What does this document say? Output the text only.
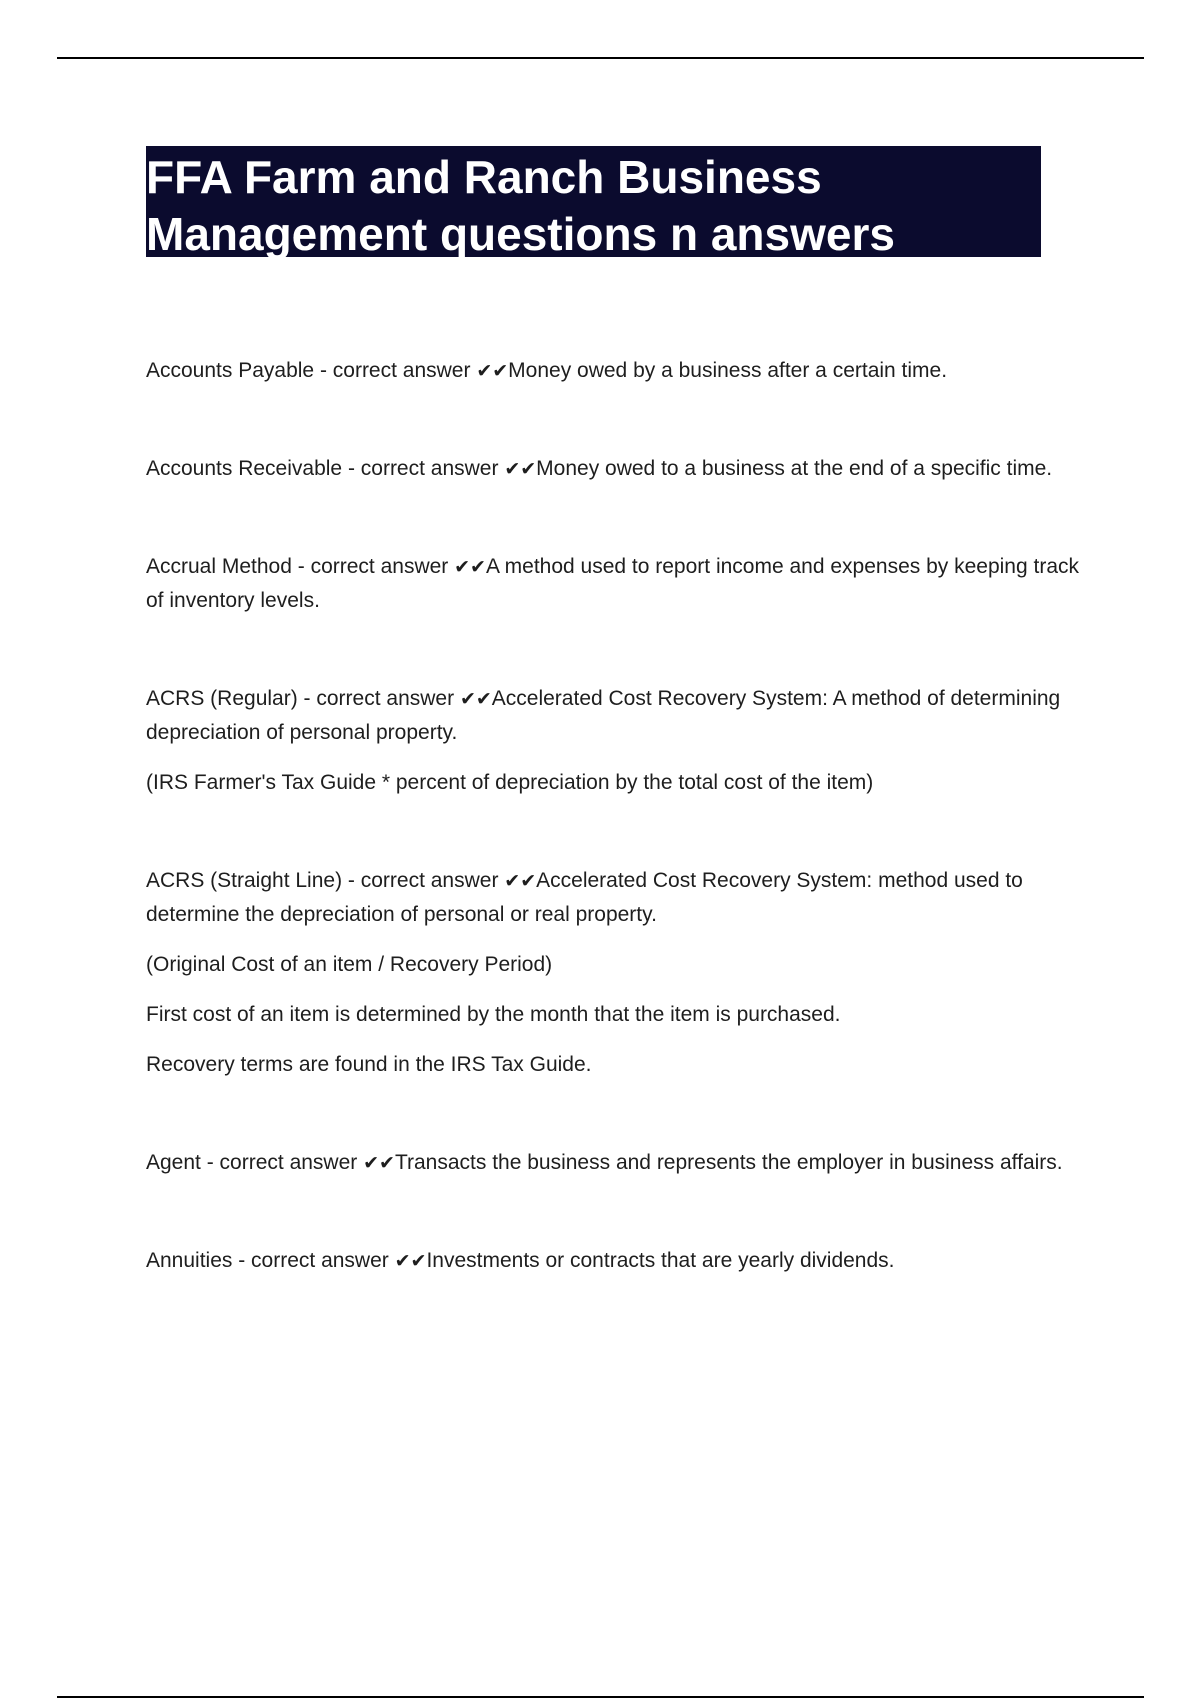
FFA Farm and Ranch Business
Management questions n answers

Accounts Payable - correct answer ✔✔Money owed by a business after a certain time.

Accounts Receivable - correct answer ✔✔Money owed to a business at the end of a specific time.

Accrual Method - correct answer ✔✔A method used to report income and expenses by keeping track of inventory levels.

ACRS (Regular) - correct answer ✔✔Accelerated Cost Recovery System: A method of determining depreciation of personal property.

(IRS Farmer's Tax Guide * percent of depreciation by the total cost of the item)

ACRS (Straight Line) - correct answer ✔✔Accelerated Cost Recovery System: method used to determine the depreciation of personal or real property.

(Original Cost of an item / Recovery Period)

First cost of an item is determined by the month that the item is purchased.

Recovery terms are found in the IRS Tax Guide.

Agent - correct answer ✔✔Transacts the business and represents the employer in business affairs.

Annuities - correct answer ✔✔Investments or contracts that are yearly dividends.
